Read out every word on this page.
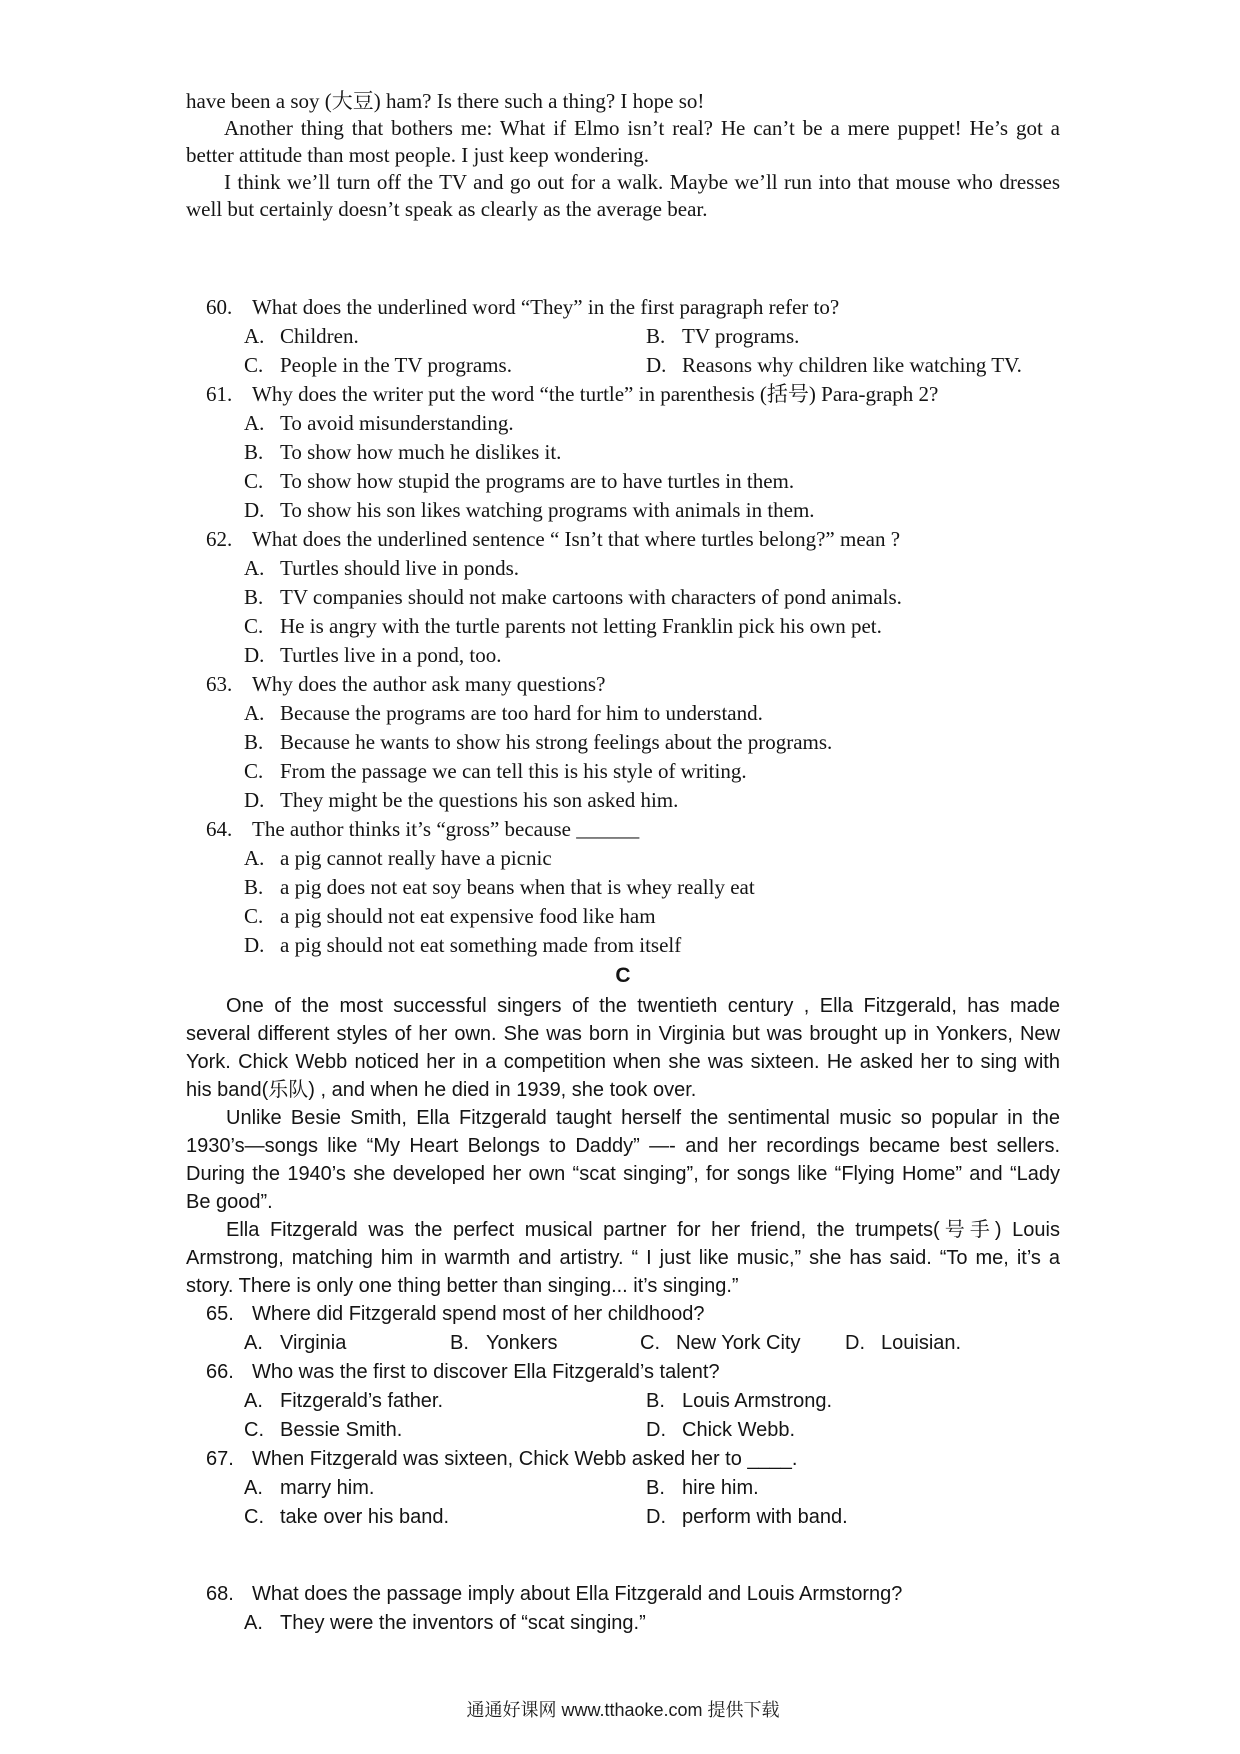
have been a soy (大豆) ham? Is there such a thing? I hope so!

Another thing that bothers me: What if Elmo isn’t real? He can’t be a mere puppet! He’s got a better attitude than most people. I just keep wondering.

I think we’ll turn off the TV and go out for a walk. Maybe we’ll run into that mouse who dresses well but certainly doesn’t speak as clearly as the average bear.

60. What does the underlined word “They” in the first paragraph refer to?
A. Children.	B. TV programs.
C. People in the TV programs.	D. Reasons why children like watching TV.
61. Why does the writer put the word “the turtle” in parenthesis (括号) Para-graph 2?
A. To avoid misunderstanding.
B. To show how much he dislikes it.
C. To show how stupid the programs are to have turtles in them.
D. To show his son likes watching programs with animals in them.
62. What does the underlined sentence “ Isn’t that where turtles belong?” mean ?
A. Turtles should live in ponds.
B. TV companies should not make cartoons with characters of pond animals.
C. He is angry with the turtle parents not letting Franklin pick his own pet.
D. Turtles live in a pond, too.
63. Why does the author ask many questions?
A. Because the programs are too hard for him to understand.
B. Because he wants to show his strong feelings about the programs.
C. From the passage we can tell this is his style of writing.
D. They might be the questions his son asked him.
64. The author thinks it’s “gross” because ______
A. a pig cannot really have a picnic
B. a pig does not eat soy beans when that is whey really eat
C. a pig should not eat expensive food like ham
D. a pig should not eat something made from itself
C

One of the most successful singers of the twentieth century , Ella Fitzgerald, has made several different styles of her own. She was born in Virginia but was brought up in Yonkers, New York. Chick Webb noticed her in a competition when she was sixteen. He asked her to sing with his band(乐队) , and when he died in 1939, she took over.

Unlike Besie Smith, Ella Fitzgerald taught herself the sentimental music so popular in the 1930’s—songs like “My Heart Belongs to Daddy” —- and her recordings became best sellers. During the 1940’s she developed her own “scat singing”, for songs like “Flying Home” and “Lady Be good”.

Ella Fitzgerald was the perfect musical partner for her friend, the trumpets(号手) Louis Armstrong, matching him in warmth and artistry. “ I just like music,” she has said. “To me, it’s a story. There is only one thing better than singing... it’s singing.”

65. Where did Fitzgerald spend most of her childhood?
A. Virginia	B. Yonkers	C. New York City	D. Louisian.
66. Who was the first to discover Ella Fitzgerald’s talent?
A. Fitzgerald’s father.	B. Louis Armstrong.
C. Bessie Smith.	D. Chick Webb.
67. When Fitzgerald was sixteen, Chick Webb asked her to ____.
A. marry him.	B. hire him.
C. take over his band.	D. perform with band.
68. What does the passage imply about Ella Fitzgerald and Louis Armstorng?
A. They were the inventors of “scat singing.”
通通好课网 www.tthaoke.com 提供下载
